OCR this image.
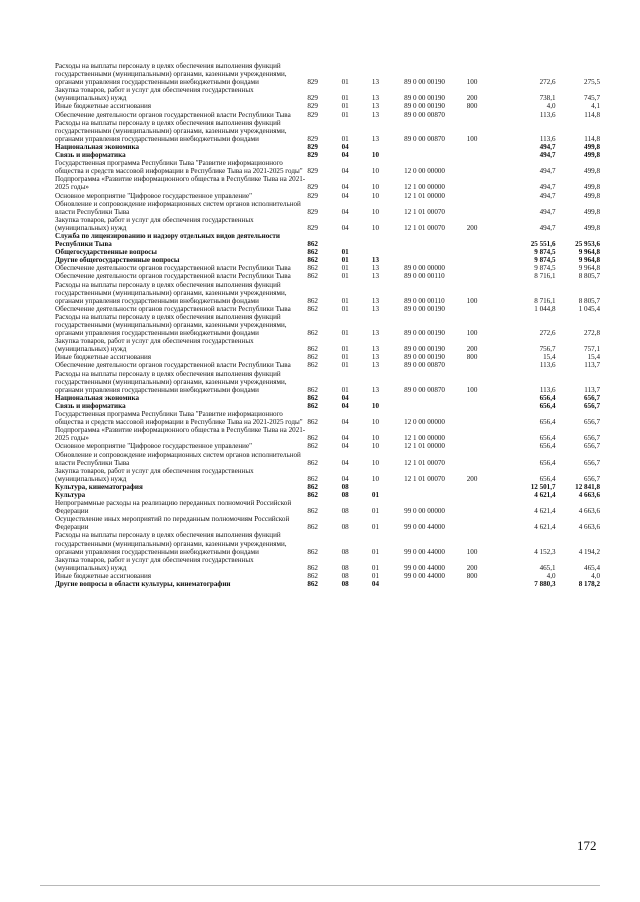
Расходы на выплаты персоналу в целях обеспечения выполнения функций государственными (муниципальными) органами, казенными учреждениями, органами управления государственными внебюджетными фондами	829	01	13	89 0 00 00190	100	272,6	275,5
Закупка товаров, работ и услуг для обеспечения государственных (муниципальных) нужд	829	01	13	89 0 00 00190	200	738,1	745,7
Иные бюджетные ассигнования	829	01	13	89 0 00 00190	800	4,0	4,1
Обеспечение деятельности органов государственной власти Республики Тыва	829	01	13	89 0 00 00870		113,6	114,8
Расходы на выплаты персоналу в целях обеспечения выполнения функций государственными (муниципальными) органами, казенными учреждениями, органами управления государственными внебюджетными фондами	829	01	13	89 0 00 00870	100	113,6	114,8
Национальная экономика	829	04				494,7	499,8
Связь и информатика	829	04	10			494,7	499,8
Государственная программа Республики Тыва "Развитие информационного общества и средств массовой информации в Республике Тыва на 2021-2025 годы"	829	04	10	12 0 00 00000		494,7	499,8
Подпрограмма «Развитие информационного общества в Республике Тыва на 2021-2025 годы»	829	04	10	12 1 00 00000		494,7	499,8
Основное мероприятие "Цифровое государственное управление"	829	04	10	12 1 01 00000		494,7	499,8
Обновление и сопровождение информационных систем органов исполнительной власти Республики Тыва	829	04	10	12 1 01 00070		494,7	499,8
Закупка товаров, работ и услуг для обеспечения государственных (муниципальных) нужд	829	04	10	12 1 01 00070	200	494,7	499,8
Служба по лицензированию и надзору отдельных видов деятельности Республики Тыва	862					25 551,6	25 953,6
Общегосударственные вопросы	862	01				9 874,5	9 964,8
Другие общегосударственные вопросы	862	01	13			9 874,5	9 964,8
Обеспечение деятельности органов государственной власти Республики Тыва	862	01	13	89 0 00 00000		9 874,5	9 964,8
Обеспечение деятельности органов государственной власти Республики Тыва	862	01	13	89 0 00 00110		8 716,1	8 805,7
Расходы на выплаты персоналу в целях обеспечения выполнения функций государственными (муниципальными) органами, казенными учреждениями, органами управления государственными внебюджетными фондами	862	01	13	89 0 00 00110	100	8 716,1	8 805,7
Обеспечение деятельности органов государственной власти Республики Тыва	862	01	13	89 0 00 00190		1 044,8	1 045,4
Расходы на выплаты персоналу в целях обеспечения выполнения функций государственными (муниципальными) органами, казенными учреждениями, органами управления государственными внебюджетными фондами	862	01	13	89 0 00 00190	100	272,6	272,8
Закупка товаров, работ и услуг для обеспечения государственных (муниципальных) нужд	862	01	13	89 0 00 00190	200	756,7	757,1
Иные бюджетные ассигнования	862	01	13	89 0 00 00190	800	15,4	15,4
Обеспечение деятельности органов государственной власти Республики Тыва	862	01	13	89 0 00 00870		113,6	113,7
Расходы на выплаты персоналу в целях обеспечения выполнения функций государственными (муниципальными) органами, казенными учреждениями, органами управления государственными внебюджетными фондами	862	01	13	89 0 00 00870	100	113,6	113,7
Национальная экономика	862	04				656,4	656,7
Связь и информатика	862	04	10			656,4	656,7
Государственная программа Республики Тыва "Развитие информационного общества и средств массовой информации в Республике Тыва на 2021-2025 годы"	862	04	10	12 0 00 00000		656,4	656,7
Подпрограмма «Развитие информационного общества в Республике Тыва на 2021-2025 годы»	862	04	10	12 1 00 00000		656,4	656,7
Основное мероприятие "Цифровое государственное управление"	862	04	10	12 1 01 00000		656,4	656,7
Обновление и сопровождение информационных систем органов исполнительной власти Республики Тыва	862	04	10	12 1 01 00070		656,4	656,7
Закупка товаров, работ и услуг для обеспечения государственных (муниципальных) нужд	862	04	10	12 1 01 00070	200	656,4	656,7
Культура, кинематография	862	08				12 501,7	12 841,8
Культура	862	08	01			4 621,4	4 663,6
Непрограммные расходы на реализацию переданных полномочий Российской Федерации	862	08	01	99 0 00 00000		4 621,4	4 663,6
Осуществление иных мероприятий по переданным полномочиям Российской Федерации	862	08	01	99 0 00 44000		4 621,4	4 663,6
Расходы на выплаты персоналу в целях обеспечения выполнения функций государственными (муниципальными) органами, казенными учреждениями, органами управления государственными внебюджетными фондами	862	08	01	99 0 00 44000	100	4 152,3	4 194,2
Закупка товаров, работ и услуг для обеспечения государственных (муниципальных) нужд	862	08	01	99 0 00 44000	200	465,1	465,4
Иные бюджетные ассигнования	862	08	01	99 0 00 44000	800	4,0	4,0
Другие вопросы в области культуры, кинематографии	862	08	04			7 880,3	8 178,2
172
